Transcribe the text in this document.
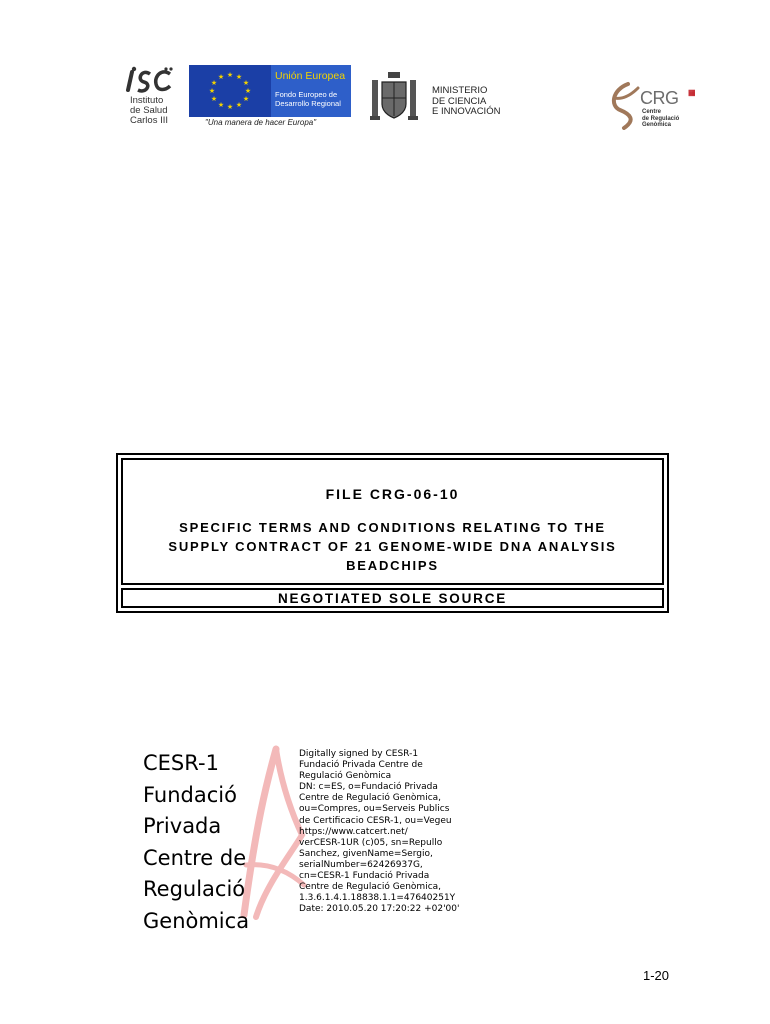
Instituto
de Salud
Carlos III
★ ★
★
★
★
★
★
★
★
★
★
★	Unión Europea
Fondo Europeo de
Desarrollo Regional
"Una manera de hacer Europa"
MINISTERIO
DE CIENCIA
E INNOVACIÓN
CRG ▦
Centre
de Regulació
Genòmica
FILE CRG-06-10
SPECIFIC TERMS AND CONDITIONS RELATING TO THE
SUPPLY CONTRACT OF 21 GENOME-WIDE DNA ANALYSIS
BEADCHIPS
NEGOTIATED SOLE SOURCE
CESR-1
Fundació
Privada
Centre de
Regulació
Genòmica
Digitally signed by CESR-1
Fundació Privada Centre de
Regulació Genòmica
DN: c=ES, o=Fundació Privada
Centre de Regulació Genòmica,
ou=Compres, ou=Serveis Publics
de Certificacio CESR-1, ou=Vegeu
https://www.catcert.net/
verCESR-1UR (c)05, sn=Repullo
Sanchez, givenName=Sergio,
serialNumber=62426937G,
cn=CESR-1 Fundació Privada
Centre de Regulació Genòmica,
1.3.6.1.4.1.18838.1.1=47640251Y
Date: 2010.05.20 17:20:22 +02'00'
1-20
